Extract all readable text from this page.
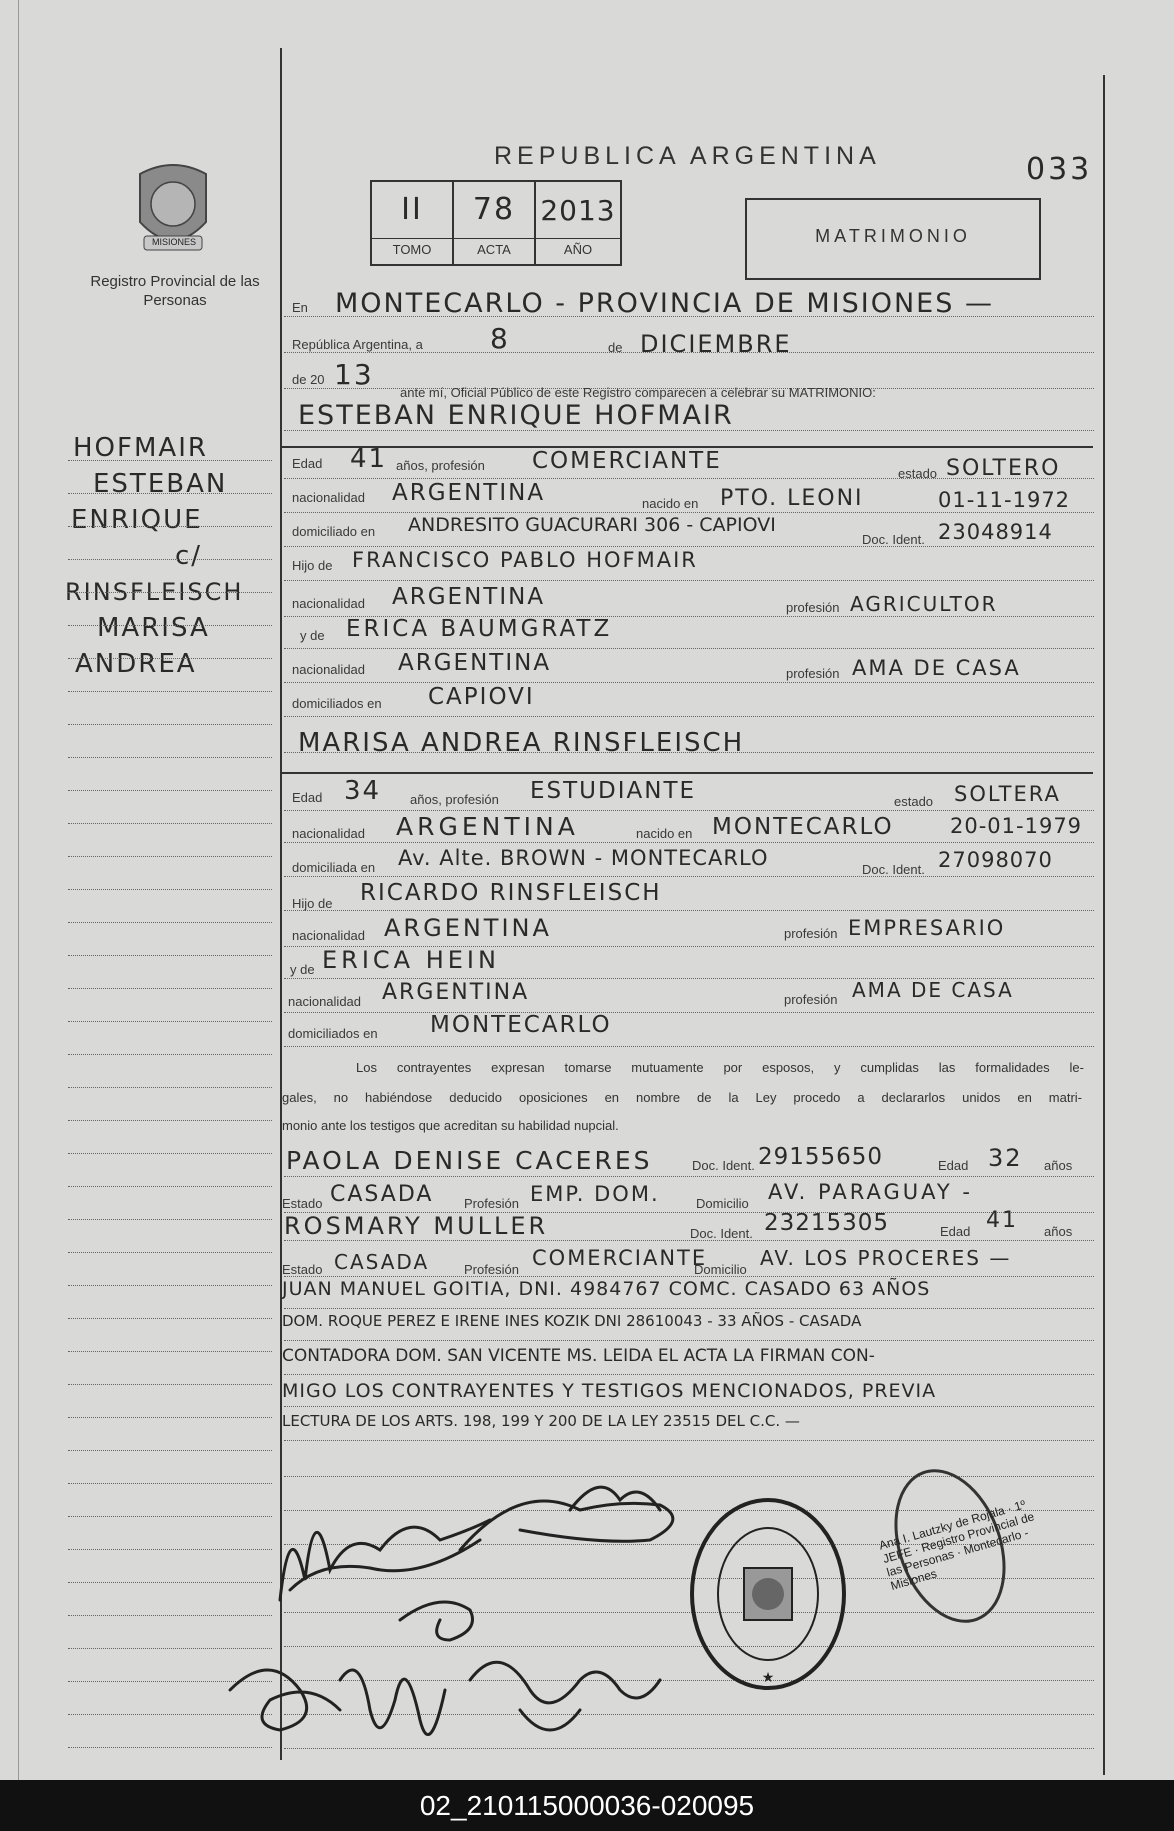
REPUBLICA ARGENTINA	033
MISIONES
Registro Provincial de las Personas
II
TOMO
78
ACTA
2013
AÑO
MATRIMONIO
HOFMAIR
ESTEBAN
ENRIQUE
c/
RINSFLEISCH
MARISA
ANDREA
En MONTECARLO - PROVINCIA DE MISIONES —
República Argentina, a 8	de DICIEMBRE
de 20 13
ante mí, Oficial Público de este Registro comparecen a celebrar su MATRIMONIO:
ESTEBAN ENRIQUE HOFMAIR
Edad 41 años, profesión COMERCIANTE	estado SOLTERO
nacionalidad ARGENTINA	nacido en PTO. LEONI	01-11-1972
domiciliado en ANDRESITO GUACURARI 306 - CAPIOVI
Doc. Ident. 23048914
Hijo de FRANCISCO PABLO HOFMAIR
nacionalidad ARGENTINA	profesión AGRICULTOR
y de ERICA BAUMGRATZ
nacionalidad ARGENTINA	profesión AMA DE CASA
domiciliados en CAPIOVI
MARISA ANDREA RINSFLEISCH
Edad 34 años, profesión ESTUDIANTE	estado SOLTERA
nacionalidad ARGENTINA	nacido en MONTECARLO	20-01-1979
domiciliada en Av. Alte. BROWN - MONTECARLO	Doc. Ident. 27098070
Hijo de RICARDO RINSFLEISCH
nacionalidad ARGENTINA	profesión EMPRESARIO
y de ERICA HEIN
nacionalidad ARGENTINA	profesión AMA DE CASA
domiciliados en MONTECARLO
Los contrayentes expresan tomarse mutuamente por esposos, y cumplidas las formalidades le-
gales, no habiéndose deducido oposiciones en nombre de la Ley procedo a declararlos unidos en matri-
monio ante los testigos que acreditan su habilidad nupcial.
PAOLA DENISE CACERES	Doc. Ident. 29155650	Edad 32 años
Estado CASADA Profesión EMP. DOM.	Domicilio AV. PARAGUAY -
ROSMARY MULLER	Doc. Ident. 23215305	Edad 41 años
Estado CASADA	Profesión COMERCIANTE
Domicilio AV. LOS PROCERES —
JUAN MANUEL GOITIA, DNI. 4984767 COMC. CASADO 63 AÑOS
DOM. ROQUE PEREZ E IRENE INES KOZIK DNI 28610043 - 33 AÑOS - CASADA
CONTADORA DOM. SAN VICENTE MS. LEIDA EL ACTA LA FIRMAN CON-
MIGO LOS CONTRAYENTES Y TESTIGOS MENCIONADOS, PREVIA
LECTURA DE LOS ARTS. 198, 199 Y 200 DE LA LEY 23515 DEL C.C. —
★
Ana I. Lautzky de Rojala · 1º JEFE · Registro Provincial de las Personas · Montecarlo - Misiones
02_210115000036-020095
